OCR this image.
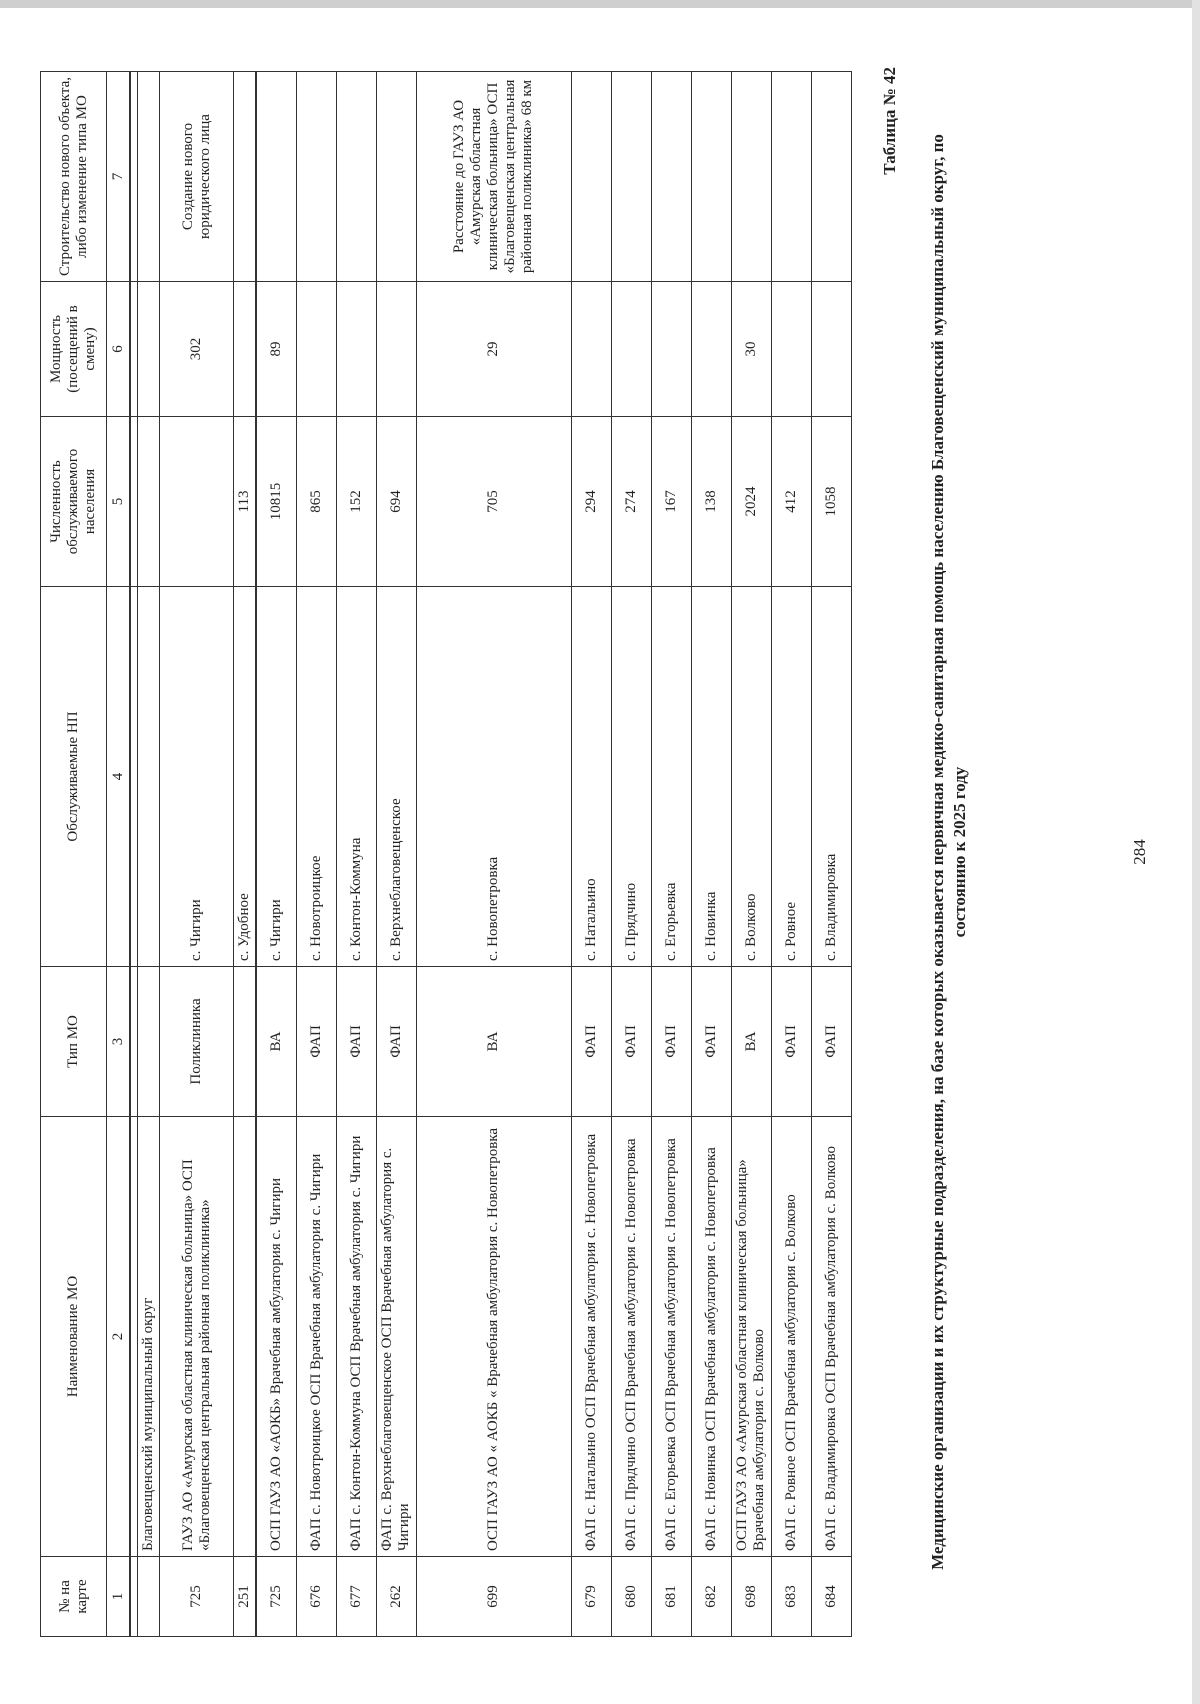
№ на карте	Наименование МО	Тип МО	Обслуживаемые НП	Численность обслуживаемого населения	Мощность (посещений в смену)	Строительство нового объекта, либо изменение типа МО
1	2	3	4	5	6	7

	Благовещенский муниципальный округ					
725	ГАУЗ АО «Амурская областная клиническая больница» ОСП «Благовещенская центральная районная поликлиника»	Поликлиника	с. Чигири		302	Создание нового юридического лица
251			с. Удобное	113		
725	ОСП ГАУЗ АО «АОКБ» Врачебная амбулатория с. Чигири	ВА	с. Чигири	10815	89	
676	ФАП с. Новотроицкое ОСП Врачебная амбулатория с. Чигири	ФАП	с. Новотроицкое	865		
677	ФАП с. Контон-Коммуна ОСП Врачебная амбулатория с. Чигири	ФАП	с. Контон-Коммуна	152		
262	ФАП с. Верхнеблаговещенское ОСП Врачебная амбулатория с. Чигири	ФАП	с. Верхнеблаговещенское	694		
699	ОСП ГАУЗ АО « АОКБ « Врачебная амбулатория с. Новопетровка	ВА	с. Новопетровка	705	29	Расстояние до ГАУЗ АО «Амурская областная клиническая больница» ОСП «Благовещенская центральная районная поликлиника» 68 км
679	ФАП с. Натальино ОСП Врачебная амбулатория с. Новопетровка	ФАП	с. Натальино	294		
680	ФАП с. Прядчино ОСП Врачебная амбулатория с. Новопетровка	ФАП	с. Прядчино	274		
681	ФАП с. Егорьевка ОСП Врачебная амбулатория с. Новопетровка	ФАП	с. Егорьевка	167		
682	ФАП с. Новинка ОСП Врачебная амбулатория с. Новопетровка	ФАП	с. Новинка	138		
698	ОСП ГАУЗ АО «Амурская областная клиническая больница» Врачебная амбулатория с. Волково	ВА	с. Волково	2024	30	
683	ФАП с. Ровное ОСП Врачебная амбулатория с. Волково	ФАП	с. Ровное	412		
684	ФАП с. Владимировка ОСП Врачебная амбулатория с. Волково	ФАП	с. Владимировка	1058		
284
Таблица № 42
Медицинские организации и их структурные подразделения, на базе которых оказывается первичная медико-санитарная помощь населению Благовещенский муниципальный округ, по состоянию к 2025 году
